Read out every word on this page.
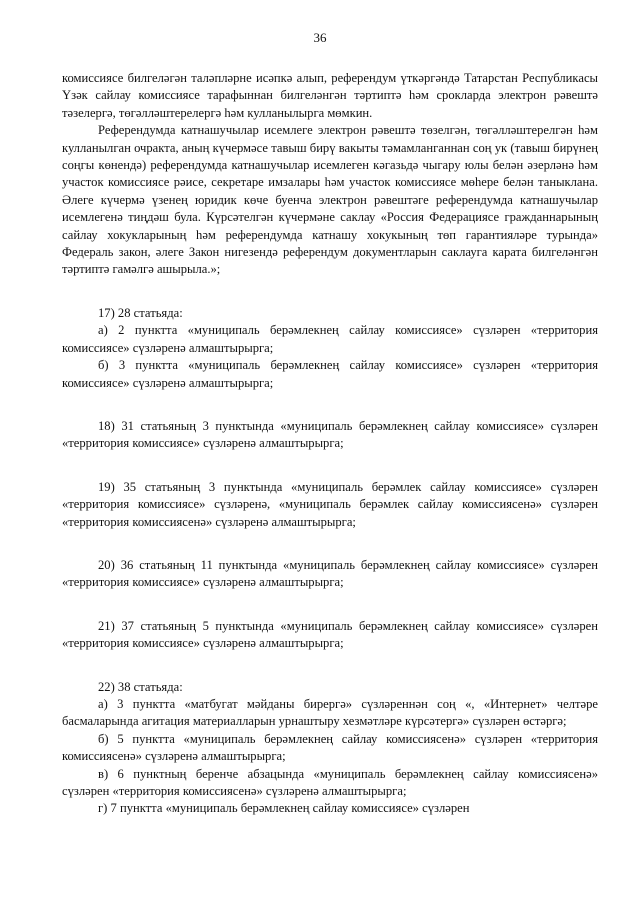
36

комиссиясе билгеләгән таләпләрне исәпкә алып, референдум үткәргәндә Татарстан Республикасы Үзәк сайлау комиссиясе тарафыннан билгеләнгән тәртиптә һәм срокларда электрон рәвештә тәзелергә, төгәлләштерелергә һәм кулланылырга мөмкин.

Референдумда катнашучылар исемлеге электрон рәвештә төзелгән, төгәлләштерелгән һәм кулланылган очракта, аның күчермәсе тавыш бирү вакыты тәмамланганнан соң ук (тавыш бирүнең соңгы көнендә) референдумда катнашучылар исемлеген кәгазьдә чыгару юлы белән әзерләнә һәм участок комиссиясе рәисе, секретаре имзалары һәм участок комиссиясе мөһере белән таныклана. Әлеге күчермә үзенең юридик көче буенча электрон рәвештәге референдумда катнашучылар исемлегенә тиңдәш була. Күрсәтелгән күчермәне саклау «Россия Федерациясе гражданнарының сайлау хокукларының һәм референдумда катнашу хокукының төп гарантияләре турында» Федераль закон, әлеге Закон нигезендә референдум документларын саклауга карата билгеләнгән тәртиптә гамәлгә ашырыла.»;

17) 28 статьяда:

а) 2 пунктта «муниципаль берәмлекнең сайлау комиссиясе» сүзләрен «территория комиссиясе» сүзләренә алмаштырырга;

б) 3 пунктта «муниципаль берәмлекнең сайлау комиссиясе» сүзләрен «территория комиссиясе» сүзләренә алмаштырырга;

18) 31 статьяның 3 пунктында «муниципаль берәмлекнең сайлау комиссиясе» сүзләрен «территория комиссиясе» сүзләренә алмаштырырга;

19) 35 статьяның 3 пунктында «муниципаль берәмлек сайлау комиссиясе» сүзләрен «территория комиссиясе» сүзләренә, «муниципаль берәмлек сайлау комиссиясенә» сүзләрен «территория комиссиясенә» сүзләренә алмаштырырга;

20) 36 статьяның 11 пунктында «муниципаль берәмлекнең сайлау комиссиясе» сүзләрен «территория комиссиясе» сүзләренә алмаштырырга;

21) 37 статьяның 5 пунктында «муниципаль берәмлекнең сайлау комиссиясе» сүзләрен «территория комиссиясе» сүзләренә алмаштырырга;

22) 38 статьяда:

а) 3 пунктта «матбугат мәйданы бирергә» сүзләреннән соң «, «Интернет» челтәре басмаларында агитация материалларын урнаштыру хезмәтләре күрсәтергә» сүзләрен өстәргә;

б) 5 пунктта «муниципаль берәмлекнең сайлау комиссиясенә» сүзләрен «территория комиссиясенә» сүзләренә алмаштырырга;

в) 6 пунктның беренче абзацында «муниципаль берәмлекнең сайлау комиссиясенә» сүзләрен «территория комиссиясенә» сүзләренә алмаштырырга;

г) 7 пунктта «муниципаль берәмлекнең сайлау комиссиясе» сүзләрен
